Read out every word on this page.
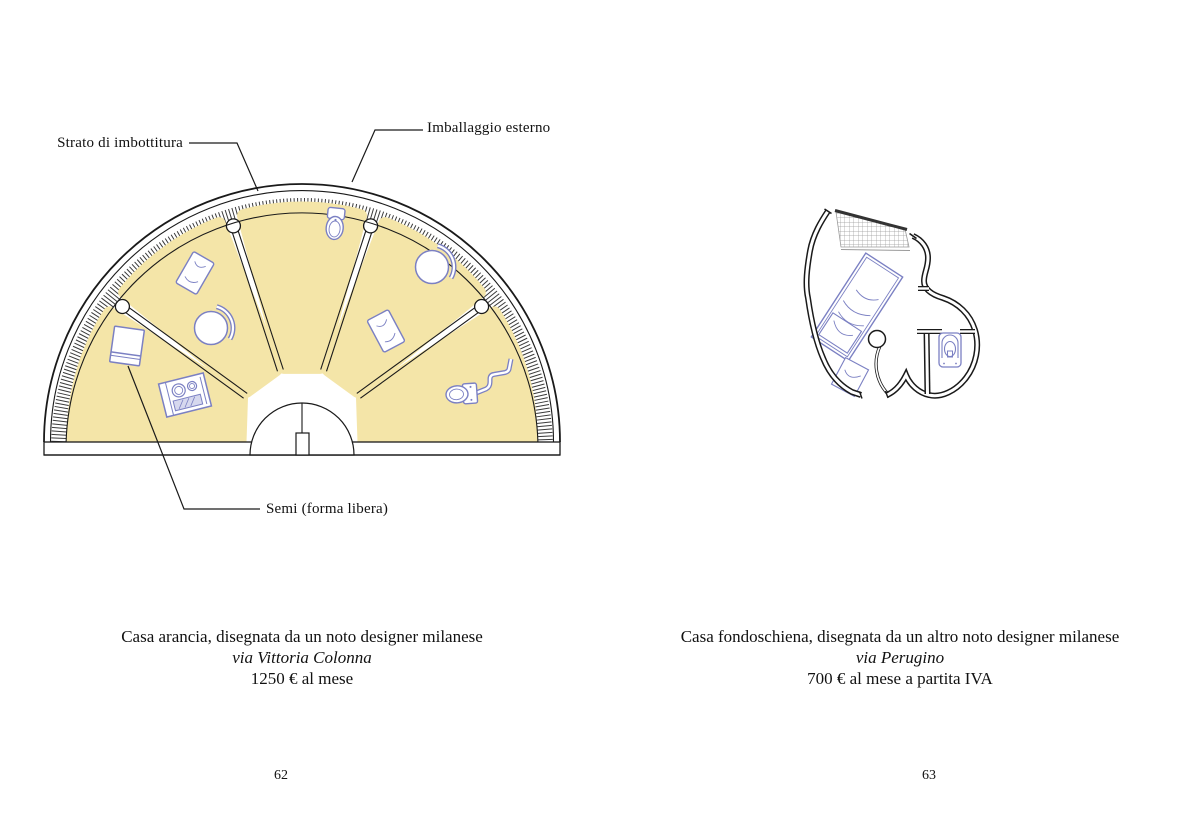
Strato di imbottitura
Imballaggio esterno
Semi (forma libera)
Casa arancia, disegnata da un noto designer milanese
via Vittoria Colonna
1250 € al mese
62
Casa fondoschiena, disegnata da un altro noto designer milanese
via Perugino
700 € al mese a partita IVA
63
